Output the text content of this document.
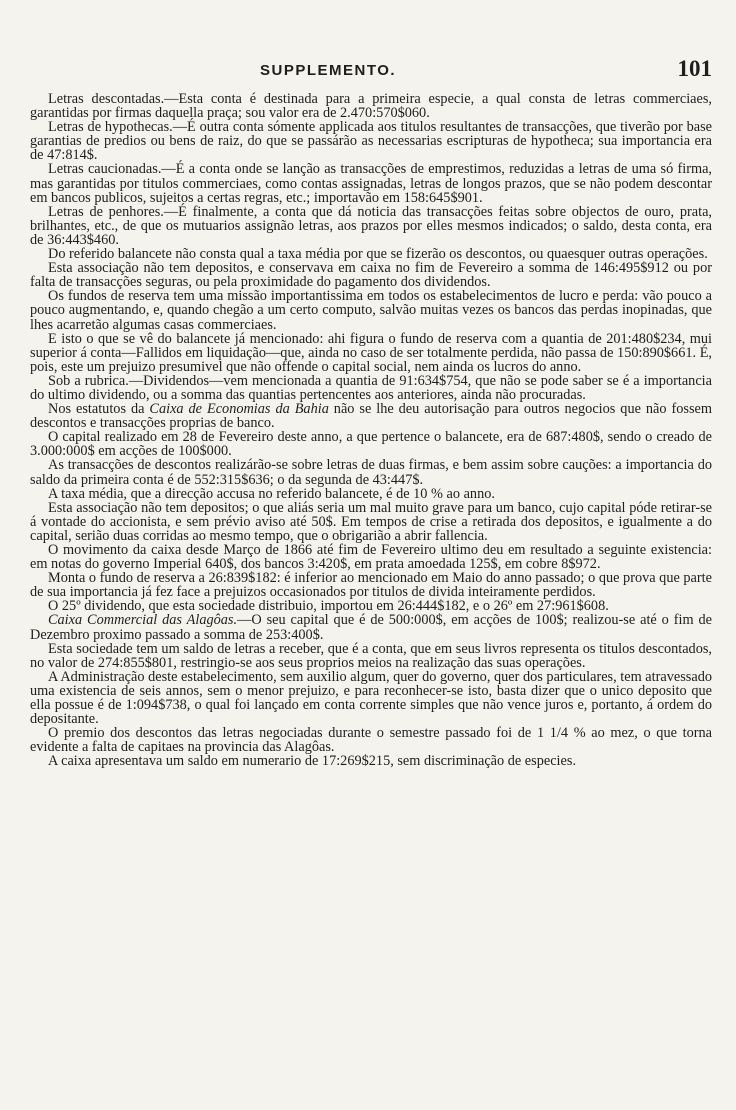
SUPPLEMENTO.	101

Letras descontadas.—Esta conta é destinada para a primeira especie, a qual consta de letras commerciaes, garantidas por firmas daquella praça; sou valor era de 2.470:570$060.

Letras de hypothecas.—É outra conta sómente applicada aos titulos resultantes de transacções, que tiverão por base garantias de predios ou bens de raiz, do que se passárão as necessarias escripturas de hypotheca; sua importancia era de 47:814$.

Letras caucionadas.—É a conta onde se lanção as transacções de emprestimos, reduzidas a letras de uma só firma, mas garantidas por titulos commerciaes, como contas assignadas, letras de longos prazos, que se não podem descontar em bancos publicos, sujeitos a certas regras, etc.; importavão em 158:645$901.

Letras de penhores.—É finalmente, a conta que dá noticia das transacções feitas sobre objectos de ouro, prata, brilhantes, etc., de que os mutuarios assignão letras, aos prazos por elles mesmos indicados; o saldo, desta conta, era de 36:443$460.

Do referido balancete não consta qual a taxa média por que se fizerão os descontos, ou quaesquer outras operações.

Esta associação não tem depositos, e conservava em caixa no fim de Fevereiro a somma de 146:495$912 ou por falta de transacções seguras, ou pela proximidade do pagamento dos dividendos.

Os fundos de reserva tem uma missão importantissima em todos os estabelecimentos de lucro e perda: vão pouco a pouco augmentando, e, quando chegão a um certo computo, salvão muitas vezes os bancos das perdas inopinadas, que lhes acarretão algumas casas commerciaes.

E isto o que se vê do balancete já mencionado: ahi figura o fundo de reserva com a quantia de 201:480$234, mui superior á conta—Fallidos em liquidação—que, ainda no caso de ser totalmente perdida, não passa de 150:890$661. É, pois, este um prejuizo presumivel que não offende o capital social, nem ainda os lucros do anno.

Sob a rubrica.—Dividendos—vem mencionada a quantia de 91:634$754, que não se pode saber se é a importancia do ultimo dividendo, ou a somma das quantias pertencentes aos anteriores, ainda não procuradas.

Nos estatutos da Caixa de Economias da Bahia não se lhe deu autorisação para outros negocios que não fossem descontos e transacções proprias de banco.

O capital realizado em 28 de Fevereiro deste anno, a que pertence o balancete, era de 687:480$, sendo o creado de 3.000:000$ em acções de 100$000.

As transacções de descontos realizárão-se sobre letras de duas firmas, e bem assim sobre cauções: a importancia do saldo da primeira conta é de 552:315$636; o da segunda de 43:447$.

A taxa média, que a direcção accusa no referido balancete, é de 10 % ao anno.

Esta associação não tem depositos; o que aliás seria um mal muito grave para um banco, cujo capital póde retirar-se á vontade do accionista, e sem prévio aviso até 50$. Em tempos de crise a retirada dos depositos, e igualmente a do capital, serião duas corridas ao mesmo tempo, que o obrigarião a abrir fallencia.

O movimento da caixa desde Março de 1866 até fim de Fevereiro ultimo deu em resultado a seguinte existencia: em notas do governo Imperial 640$, dos bancos 3:420$, em prata amoedada 125$, em cobre 8$972.

Monta o fundo de reserva a 26:839$182: é inferior ao mencionado em Maio do anno passado; o que prova que parte de sua importancia já fez face a prejuizos occasionados por titulos de divida inteiramente perdidos.

O 25º dividendo, que esta sociedade distribuio, importou em 26:444$182, e o 26º em 27:961$608.

Caixa Commercial das Alagôas.—O seu capital que é de 500:000$, em acções de 100$; realizou-se até o fim de Dezembro proximo passado a somma de 253:400$.

Esta sociedade tem um saldo de letras a receber, que é a conta, que em seus livros representa os titulos descontados, no valor de 274:855$801, restringio-se aos seus proprios meios na realização das suas operações.

A Administração deste estabelecimento, sem auxilio algum, quer do governo, quer dos particulares, tem atravessado uma existencia de seis annos, sem o menor prejuizo, e para reconhecer-se isto, basta dizer que o unico deposito que ella possue é de 1:094$738, o qual foi lançado em conta corrente simples que não vence juros e, portanto, á ordem do depositante.

O premio dos descontos das letras negociadas durante o semestre passado foi de 1 1/4 % ao mez, o que torna evidente a falta de capitaes na provincia das Alagôas.

A caixa apresentava um saldo em numerario de 17:269$215, sem discriminação de especies.
